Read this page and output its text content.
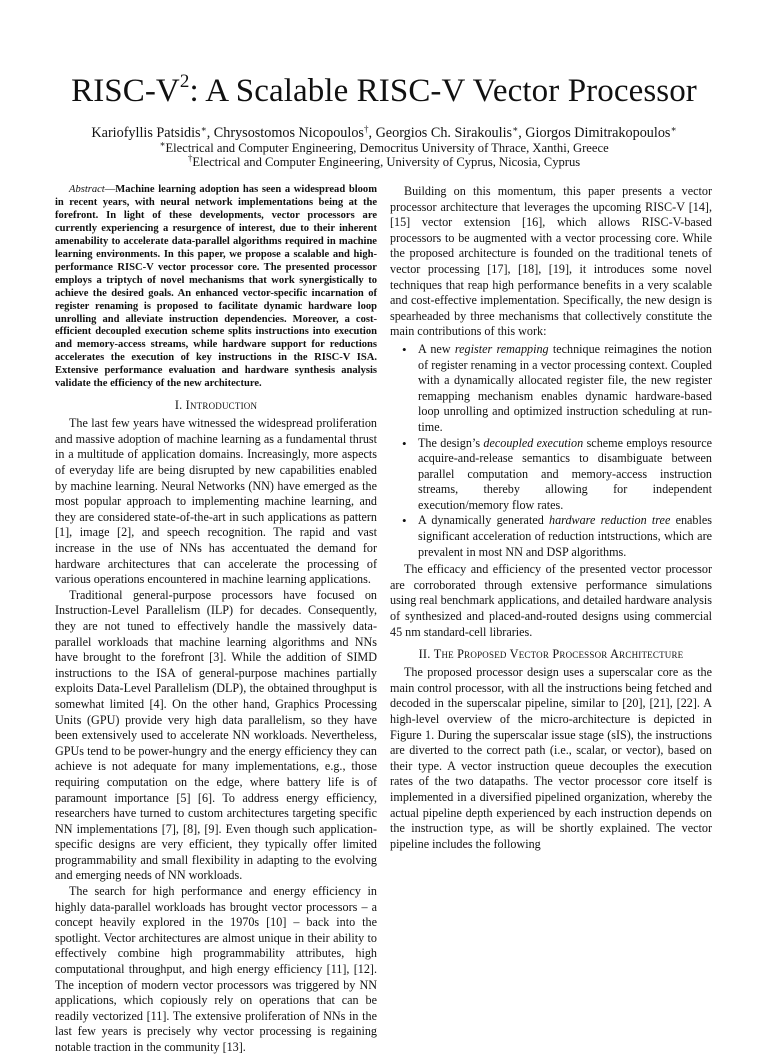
RISC-$V^2$: A Scalable RISC-V Vector Processor
Kariofyllis Patsidis∗, Chrysostomos Nicopoulos†, Georgios Ch. Sirakoulis∗, Giorgos Dimitrakopoulos∗
∗Electrical and Computer Engineering, Democritus University of Thrace, Xanthi, Greece
†Electrical and Computer Engineering, University of Cyprus, Nicosia, Cyprus

Abstract—Machine learning adoption has seen a widespread bloom in recent years, with neural network implementations being at the forefront. In light of these developments, vector processors are currently experiencing a resurgence of interest, due to their inherent amenability to accelerate data-parallel algorithms required in machine learning environments. In this paper, we propose a scalable and high-performance RISC-V vector processor core. The presented processor employs a triptych of novel mechanisms that work synergistically to achieve the desired goals. An enhanced vector-specific incarnation of register renaming is proposed to facilitate dynamic hardware loop unrolling and alleviate instruction dependencies. Moreover, a cost-efficient decoupled execution scheme splits instructions into execution and memory-access streams, while hardware support for reductions accelerates the execution of key instructions in the RISC-V ISA. Extensive performance evaluation and hardware synthesis analysis validate the efficiency of the new architecture.

I. Introduction

The last few years have witnessed the widespread proliferation and massive adoption of machine learning as a fundamental thrust in a multitude of application domains. Increasingly, more aspects of everyday life are being disrupted by new capabilities enabled by machine learning. Neural Networks (NN) have emerged as the most popular approach to implementing machine learning, and they are considered state-of-the-art in such applications as pattern [1], image [2], and speech recognition. The rapid and vast increase in the use of NNs has accentuated the demand for hardware architectures that can accelerate the processing of various operations encountered in machine learning applications.

Traditional general-purpose processors have focused on Instruction-Level Parallelism (ILP) for decades. Consequently, they are not tuned to effectively handle the massively data-parallel workloads that machine learning algorithms and NNs have brought to the forefront [3]. While the addition of SIMD instructions to the ISA of general-purpose machines partially exploits Data-Level Parallelism (DLP), the obtained throughput is somewhat limited [4]. On the other hand, Graphics Processing Units (GPU) provide very high data parallelism, so they have been extensively used to accelerate NN workloads. Nevertheless, GPUs tend to be power-hungry and the energy efficiency they can achieve is not adequate for many implementations, e.g., those requiring computation on the edge, where battery life is of paramount importance [5] [6]. To address energy efficiency, researchers have turned to custom architectures targeting specific NN implementations [7], [8], [9]. Even though such application-specific designs are very efficient, they typically offer limited programmability and small flexibility in adapting to the evolving and emerging needs of NN workloads.

The search for high performance and energy efficiency in highly data-parallel workloads has brought vector processors – a concept heavily explored in the 1970s [10] – back into the spotlight. Vector architectures are almost unique in their ability to effectively combine high programmability attributes, high computational throughput, and high energy efficiency [11], [12]. The inception of modern vector processors was triggered by NN applications, which copiously rely on operations that can be readily vectorized [11]. The extensive proliferation of NNs in the last few years is precisely why vector processing is regaining notable traction in the community [13].

Building on this momentum, this paper presents a vector processor architecture that leverages the upcoming RISC-V [14], [15] vector extension [16], which allows RISC-V-based processors to be augmented with a vector processing core. While the proposed architecture is founded on the traditional tenets of vector processing [17], [18], [19], it introduces some novel techniques that reap high performance benefits in a very scalable and cost-effective implementation. Specifically, the new design is spearheaded by three mechanisms that collectively constitute the main contributions of this work:

• A new register remapping technique reimagines the notion of register renaming in a vector processing context. Coupled with a dynamically allocated register file, the new register remapping mechanism enables dynamic hardware-based loop unrolling and optimized instruction scheduling at run-time.
• The design’s decoupled execution scheme employs resource acquire-and-release semantics to disambiguate between parallel computation and memory-access instruction streams, thereby allowing for independent execution/memory flow rates.
• A dynamically generated hardware reduction tree enables significant acceleration of reduction intstructions, which are prevalent in most NN and DSP algorithms.

The efficacy and efficiency of the presented vector processor are corroborated through extensive performance simulations using real benchmark applications, and detailed hardware analysis of synthesized and placed-and-routed designs using commercial 45 nm standard-cell libraries.

II. The Proposed Vector Processor Architecture

The proposed processor design uses a superscalar core as the main control processor, with all the instructions being fetched and decoded in the superscalar pipeline, similar to [20], [21], [22]. A high-level overview of the micro-architecture is depicted in Figure 1. During the superscalar issue stage (sIS), the instructions are diverted to the correct path (i.e., scalar, or vector), based on their type. A vector instruction queue decouples the execution rates of the two datapaths. The vector processor core itself is implemented in a diversified pipelined organization, whereby the actual pipeline depth experienced by each instruction depends on the instruction type, as will be shortly explained. The vector pipeline includes the following
